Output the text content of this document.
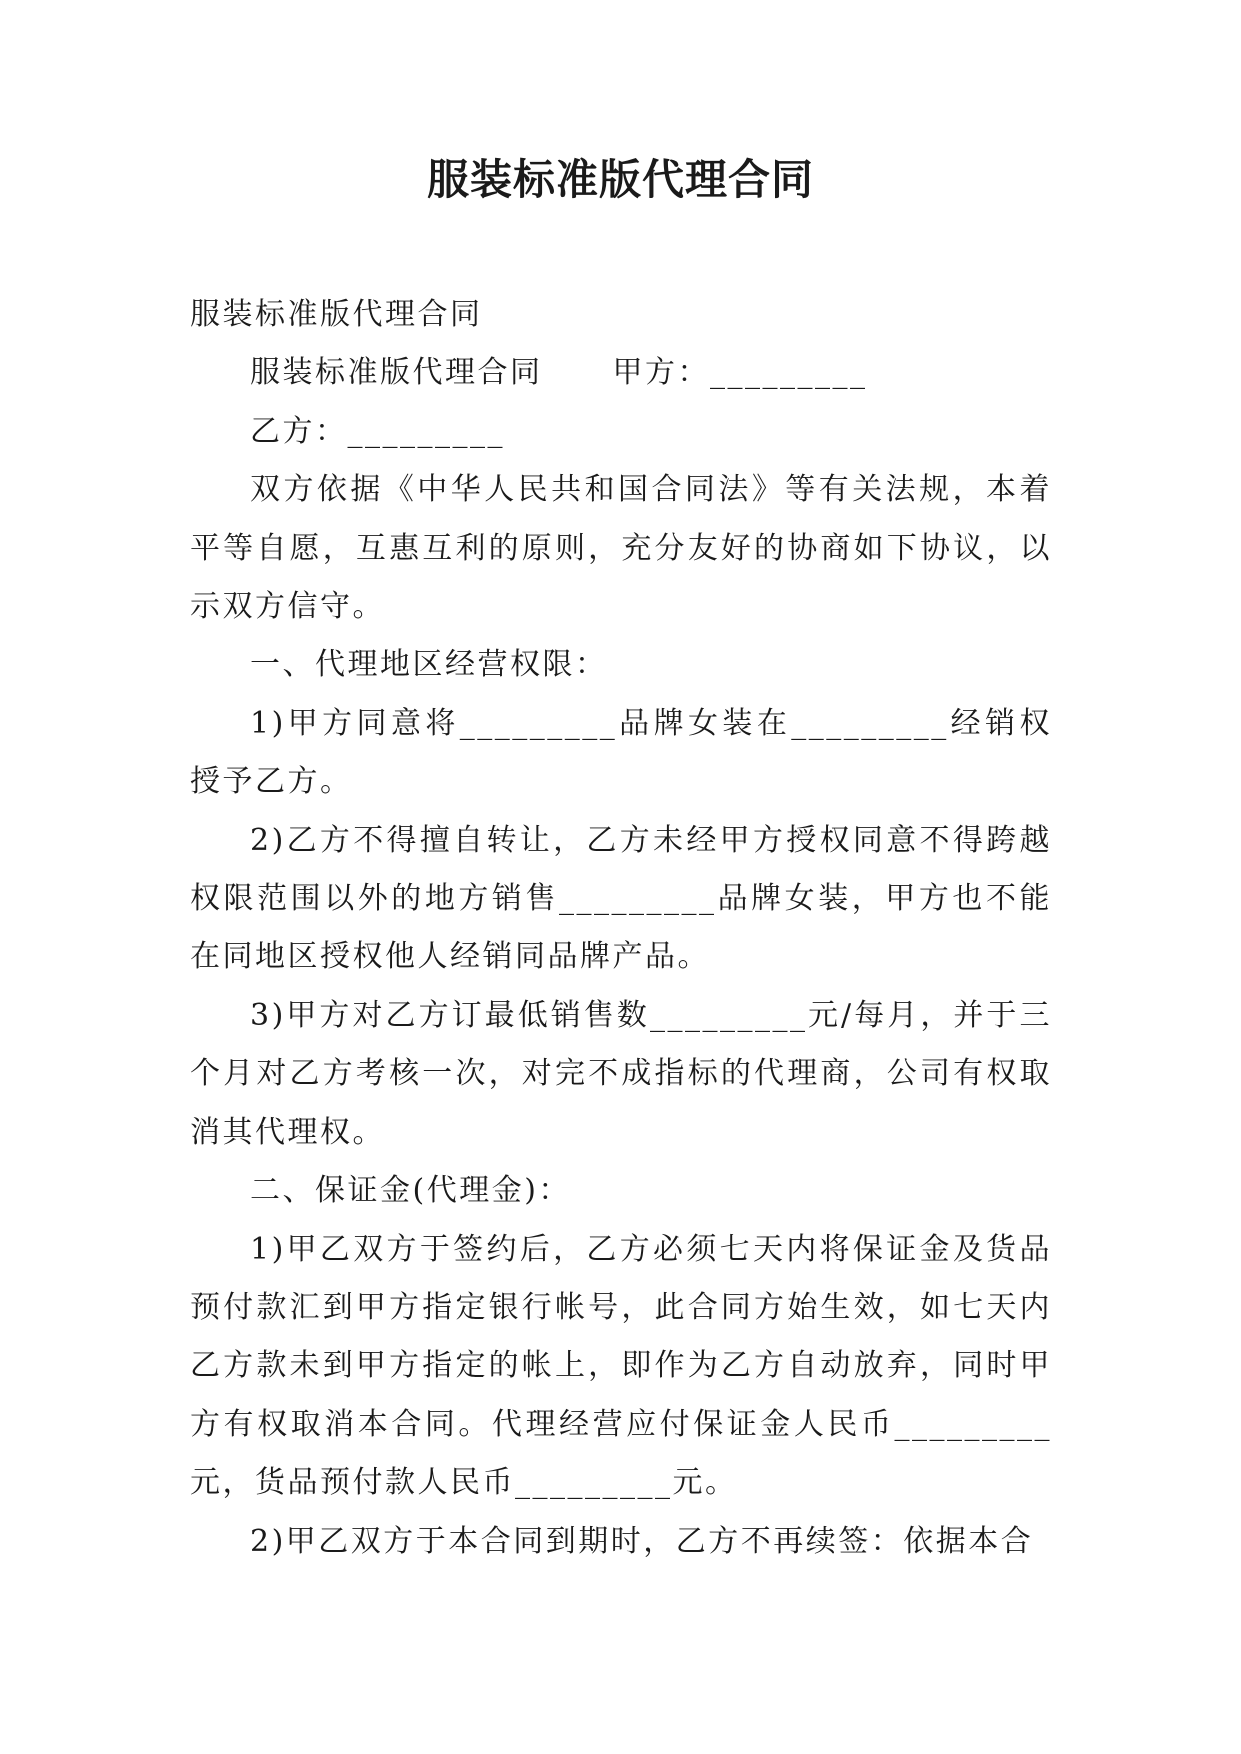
服装标准版代理合同

服装标准版代理合同

服装标准版代理合同 甲方：_________

乙方：_________

双方依据《中华人民共和国合同法》等有关法规，本着平等自愿，互惠互利的原则，充分友好的协商如下协议，以示双方信守。

一、代理地区经营权限：

1)甲方同意将_________品牌女装在_________经销权授予乙方。

2)乙方不得擅自转让，乙方未经甲方授权同意不得跨越权限范围以外的地方销售_________品牌女装，甲方也不能在同地区授权他人经销同品牌产品。

3)甲方对乙方订最低销售数_________元/每月，并于三个月对乙方考核一次，对完不成指标的代理商，公司有权取消其代理权。

二、保证金(代理金)：

1)甲乙双方于签约后，乙方必须七天内将保证金及货品预付款汇到甲方指定银行帐号，此合同方始生效，如七天内乙方款未到甲方指定的帐上，即作为乙方自动放弃，同时甲方有权取消本合同。代理经营应付保证金人民币_________元，货品预付款人民币_________元。

2)甲乙双方于本合同到期时，乙方不再续签：依据本合
